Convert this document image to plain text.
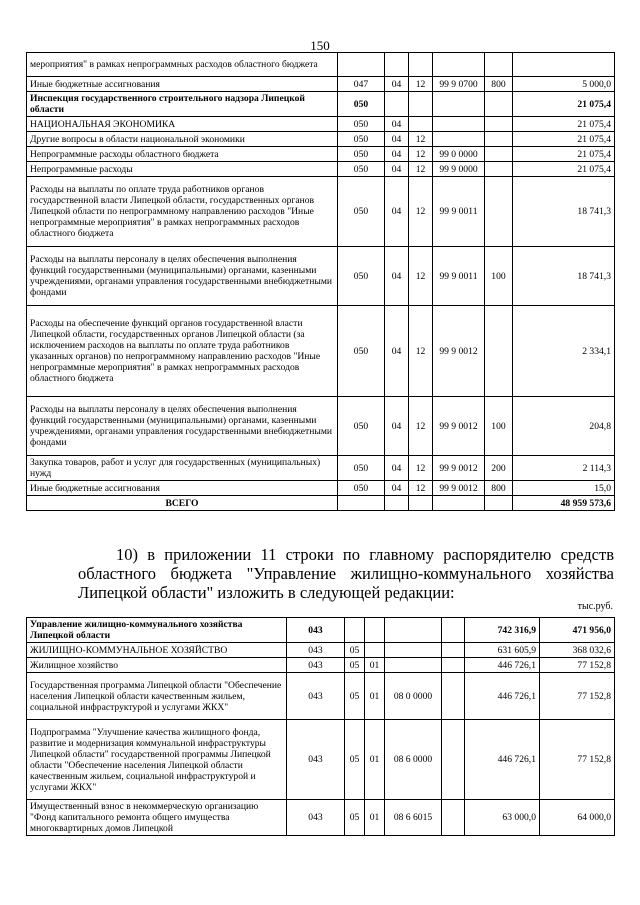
150
мероприятия" в рамках непрограммных расходов областного бюджета						
Иные бюджетные ассигнования	047	04	12	99 9 0700	800	5 000,0
Инспекция государственного строительного надзора Липецкой области	050					21 075,4
НАЦИОНАЛЬНАЯ ЭКОНОМИКА	050	04				21 075,4
Другие вопросы в области национальной экономики	050	04	12			21 075,4
Непрограммные расходы областного бюджета	050	04	12	99 0 0000		21 075,4
Непрограммные расходы	050	04	12	99 9 0000		21 075,4
Расходы на выплаты по оплате труда работников органов государственной власти Липецкой области, государственных органов Липецкой области по непрограммному направлению расходов "Иные непрограммные мероприятия" в рамках непрограммных расходов областного бюджета	050	04	12	99 9 0011		18 741,3
Расходы на выплаты персоналу в целях обеспечения выполнения функций государственными (муниципальными) органами, казенными учреждениями, органами управления государственными внебюджетными фондами	050	04	12	99 9 0011	100	18 741,3
Расходы на обеспечение функций органов государственной власти Липецкой области, государственных органов Липецкой области (за исключением расходов на выплаты по оплате труда работников указанных органов) по непрограммному направлению расходов "Иные непрограммные мероприятия" в рамках непрограммных расходов областного бюджета	050	04	12	99 9 0012		2 334,1
Расходы на выплаты персоналу в целях обеспечения выполнения функций государственными (муниципальными) органами, казенными учреждениями, органами управления государственными внебюджетными фондами	050	04	12	99 9 0012	100	204,8
Закупка товаров, работ и услуг для государственных (муниципальных) нужд	050	04	12	99 9 0012	200	2 114,3
Иные бюджетные ассигнования	050	04	12	99 9 0012	800	15,0
ВСЕГО						48 959 573,6
10) в приложении 11 строки по главному распорядителю средств областного бюджета "Управление жилищно-коммунального хозяйства Липецкой области" изложить в следующей редакции:
тыс.руб.
Управление жилищно-коммунального хозяйства Липецкой области	043					742 316,9	471 956,0
ЖИЛИЩНО-КОММУНАЛЬНОЕ ХОЗЯЙСТВО	043	05				631 605,9	368 032,6
Жилищное хозяйство	043	05	01			446 726,1	77 152,8
Государственная программа Липецкой области "Обеспечение населения Липецкой области качественным жильем, социальной инфраструктурой и услугами ЖКХ"	043	05	01	08 0 0000		446 726,1	77 152,8
Подпрограмма "Улучшение качества жилищного фонда, развитие и модернизация коммунальной инфраструктуры Липецкой области" государственной программы Липецкой области "Обеспечение населения Липецкой области качественным жильем, социальной инфраструктурой и услугами ЖКХ"	043	05	01	08 6 0000		446 726,1	77 152,8
Имущественный взнос в некоммерческую организацию "Фонд капитального ремонта общего имущества многоквартирных домов Липецкой	043	05	01	08 6 6015		63 000,0	64 000,0
